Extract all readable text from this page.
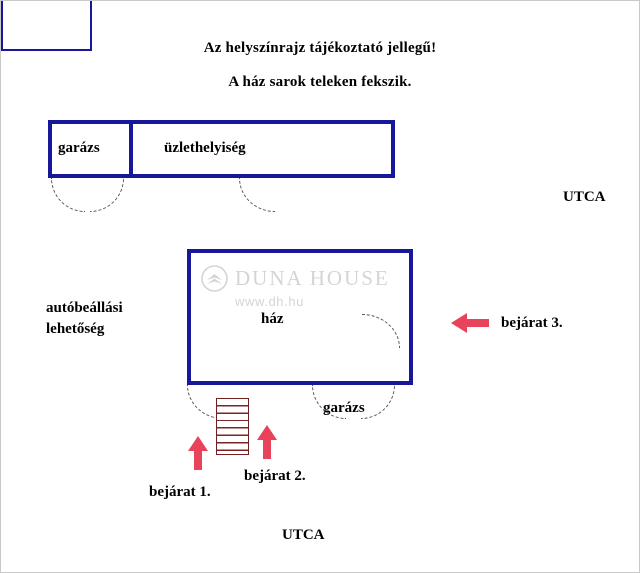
Az helyszínrajz tájékoztató jellegű!
A ház sarok teleken fekszik.
garázs	üzlethelyiség
ház
garázs
UTCA
UTCA
autóbeállási
lehetőség	bejárat 3.
bejárat 2.
bejárat 1.
DUNA HOUSE
www.dh.hu
